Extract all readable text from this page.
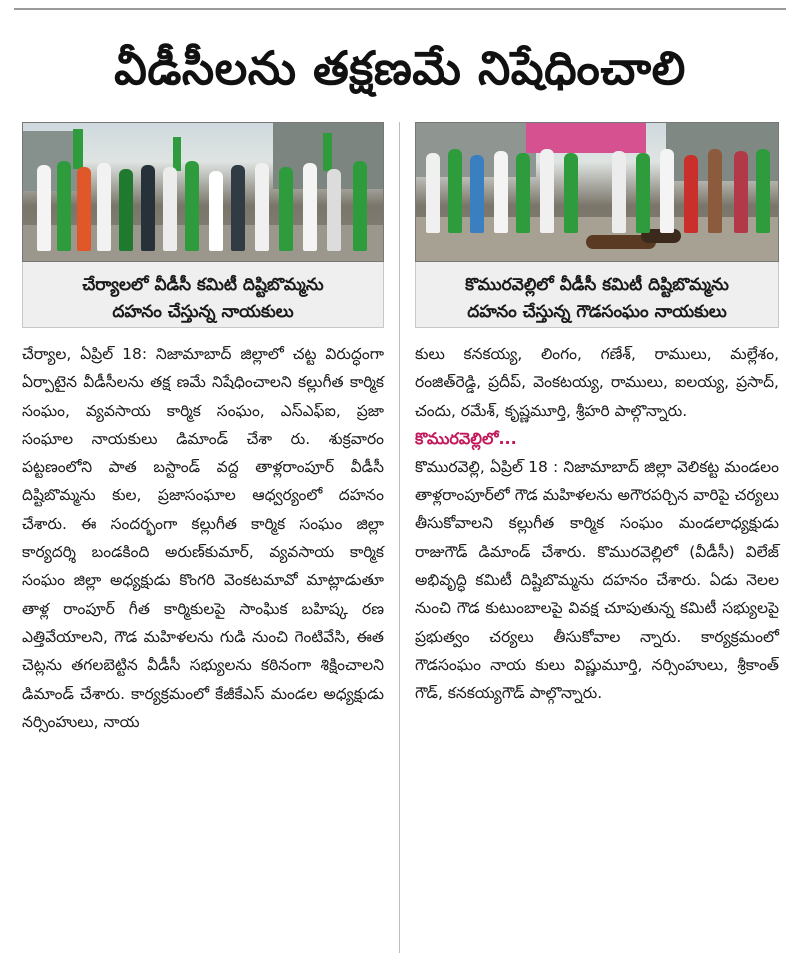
వీడీసీలను తక్షణమే నిషేధించాలి
చేర్యాలలో వీడీసీ కమిటీ దిష్టిబొమ్మను
దహనం చేస్తున్న నాయకులు

చేర్యాల, ఏప్రిల్ 18: నిజామాబాద్ జిల్లాలో చట్ట విరుద్ధంగా ఏర్పాటైన వీడీసీలను తక్ష ణమే నిషేధించాలని కల్లుగీత కార్మిక సంఘం, వ్యవసాయ కార్మిక సంఘం, ఎస్ఎఫ్ఐ, ప్రజా సంఘాల నాయకులు డిమాండ్ చేశా రు. శుక్రవారం పట్టణంలోని పాత బస్టాండ్ వద్ద తాళ్లరాంపూర్ వీడీసీ దిష్టిబొమ్మను కుల, ప్రజాసంఘాల ఆధ్వర్యంలో దహనం చేశారు. ఈ సందర్భంగా కల్లుగీత కార్మిక సంఘం జిల్లా కార్యదర్శి బండకింది అరుణ్‌కుమార్, వ్యవసాయ కార్మిక సంఘం జిల్లా అధ్యక్షుడు కొంగరి వెంకటమావో మాట్లాడుతూ తాళ్ల రాంపూర్ గీత కార్మికులపై సాంఘిక బహిష్క రణ ఎత్తివేయాలని, గౌడ మహిళలను గుడి నుంచి గెంటివేసి, ఈత చెట్లను తగలబెట్టిన వీడీసీ సభ్యులను కఠినంగా శిక్షించాలని డిమాండ్ చేశారు. కార్యక్రమంలో కేజీకేఎస్ మండల అధ్యక్షుడు నర్సింహులు, నాయ

కొమురవెల్లిలో వీడీసీ కమిటీ దిష్టిబొమ్మను
దహనం చేస్తున్న గౌడసంఘం నాయకులు

కులు కనకయ్య, లింగం, గణేశ్, రాములు, మల్లేశం, రంజిత్‌రెడ్డి, ప్రదీప్, వెంకటయ్య, రాములు, ఐలయ్య, ప్రసాద్, చందు, రమేశ్, కృష్ణమూర్తి, శ్రీహరి పాల్గొన్నారు.

కొమురవెల్లిలో...

కొమురవెల్లి, ఏప్రిల్ 18 : నిజామాబాద్ జిల్లా వెలికట్ట మండలం తాళ్లరాంపూర్‌లో గౌడ మహిళలను అగౌరపర్చిన వారిపై చర్యలు తీసుకోవాలని కల్లుగీత కార్మిక సంఘం మండలాధ్యక్షుడు రాజుగౌడ్ డిమాండ్ చేశారు. కొమురవెల్లిలో (వీడీసీ) విలేజ్ అభివృద్ధి కమిటీ దిష్టిబొమ్మను దహనం చేశారు. ఏడు నెలల నుంచి గౌడ కుటుంబాలపై వివక్ష చూపుతున్న కమిటీ సభ్యులపై ప్రభుత్వం చర్యలు తీసుకోవాల న్నారు. కార్యక్రమంలో గౌడసంఘం నాయ కులు విష్ణుమూర్తి, నర్సింహులు, శ్రీకాంత్ గౌడ్, కనకయ్యగౌడ్ పాల్గొన్నారు.
